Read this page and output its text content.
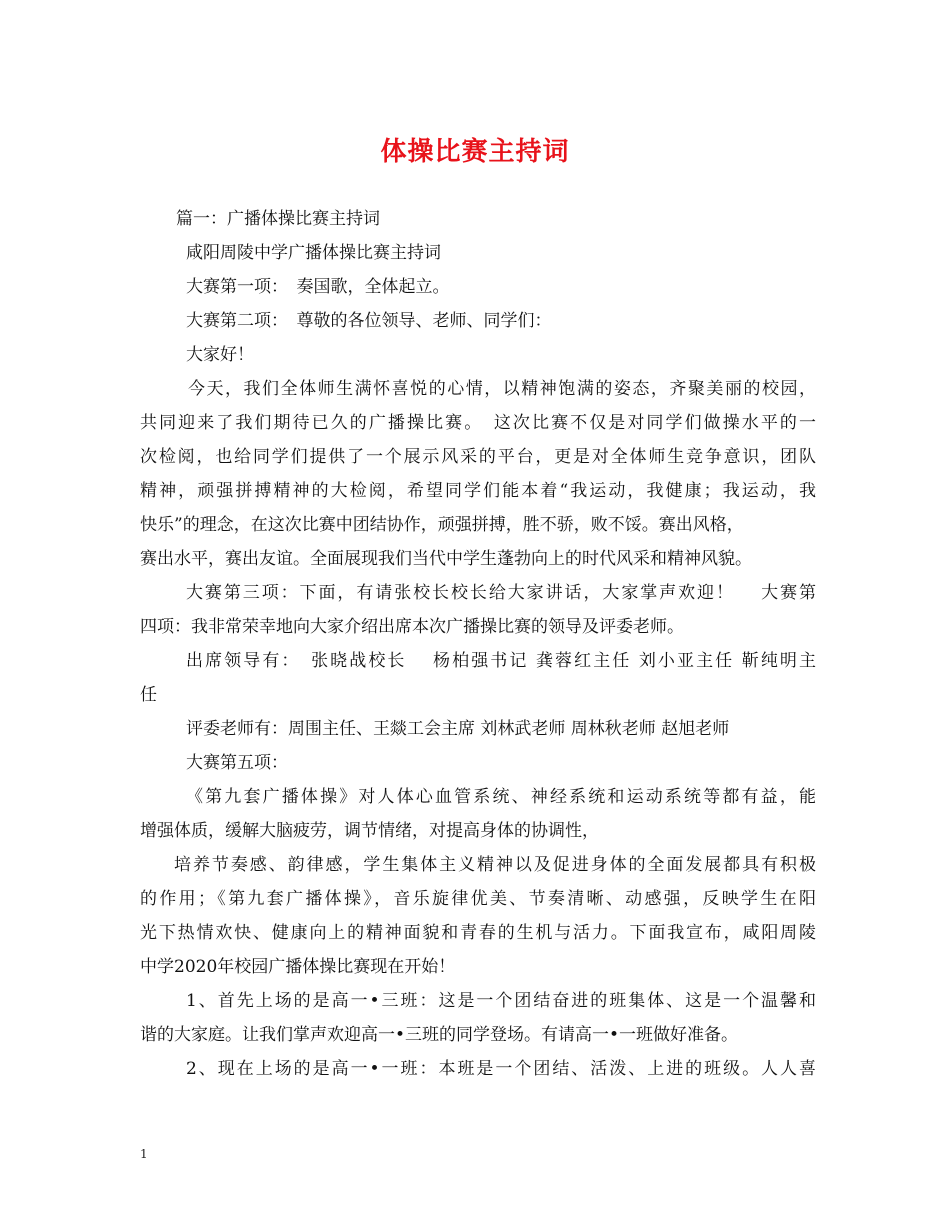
体操比赛主持词
篇一：广播体操比赛主持词
咸阳周陵中学广播体操比赛主持词
大赛第一项：　奏国歌，全体起立。
大赛第二项：　尊敬的各位领导、老师、同学们：
大家好！
今天，我们全体师生满怀喜悦的心情，以精神饱满的姿态，齐聚美丽的校园，
共同迎来了我们期待已久的广播操比赛。　这次比赛不仅是对同学们做操水平的一
次检阅，也给同学们提供了一个展示风采的平台，更是对全体师生竞争意识，团队
精神，顽强拼搏精神的大检阅，希望同学们能本着“我运动，我健康；我运动，我
快乐”的理念，在这次比赛中团结协作，顽强拼搏，胜不骄，败不馁。赛出风格，
赛出水平，赛出友谊。全面展现我们当代中学生蓬勃向上的时代风采和精神风貌。
大赛第三项：下面，有请张校长校长给大家讲话，大家掌声欢迎！　 大赛第
四项：我非常荣幸地向大家介绍出席本次广播操比赛的领导及评委老师。
出席领导有：　张晓战校长　 杨柏强书记 龚蓉红主任 刘小亚主任 靳纯明主
任
评委老师有：周围主任、王燚工会主席 刘林武老师 周林秋老师 赵旭老师
大赛第五项：
《第九套广播体操》对人体心血管系统、神经系统和运动系统等都有益，能
增强体质，缓解大脑疲劳，调节情绪，对提高身体的协调性，
培养节奏感、韵律感，学生集体主义精神以及促进身体的全面发展都具有积极
的作用；《第九套广播体操》，音乐旋律优美、节奏清晰、动感强，反映学生在阳
光下热情欢快、健康向上的精神面貌和青春的生机与活力。下面我宣布，咸阳周陵
中学2020年校园广播体操比赛现在开始！
1、首先上场的是高一•三班：这是一个团结奋进的班集体、这是一个温馨和
谐的大家庭。让我们掌声欢迎高一•三班的同学登场。有请高一•一班做好准备。
2、现在上场的是高一•一班：本班是一个团结、活泼、上进的班级。人人喜
1
